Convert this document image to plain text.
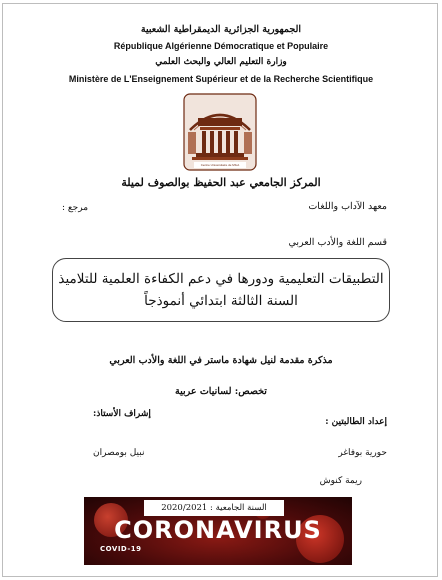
الجمهورية الجزائرية الديمقراطية الشعبية
République Algérienne Démocratique et Populaire
وزارة التعليم العالي والبحث العلمي
Ministère de L'Enseignement Supérieur et de la Recherche Scientifique
Centre Universitaire de MILA
المركز الجامعي عبد الحفيظ بوالصوف لميلة
معهد الآداب واللغات
مرجع :
قسم اللغة والأدب العربي
التطبيقات التعليمية ودورها في دعم الكفاءة العلمية للتلاميذ
السنة الثالثة ابتدائي أنموذجاً
مذكرة مقدمة لنيل شهادة ماستر في اللغة والأدب العربي
تخصص: لسانيات عربية
إعداد الطالبتين :
إشراف الأستاذ:
حورية بوفاغر
نبيل بومصران
ريمة كنوش
السنة الجامعية : 2020/2021
CORONAVIRUS
COVID-19
